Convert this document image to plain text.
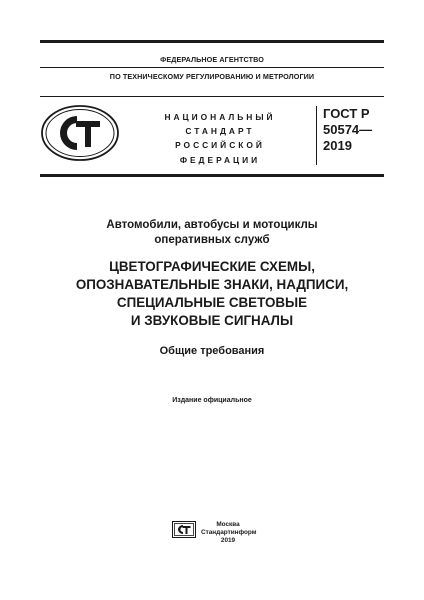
ФЕДЕРАЛЬНОЕ АГЕНТСТВО
ПО ТЕХНИЧЕСКОМУ РЕГУЛИРОВАНИЮ И МЕТРОЛОГИИ
НАЦИОНАЛЬНЫЙ
СТАНДАРТ
РОССИЙСКОЙ
ФЕДЕРАЦИИ
ГОСТ Р
50574—
2019
Автомобили, автобусы и мотоциклы
оперативных служб
ЦВЕТОГРАФИЧЕСКИЕ СХЕМЫ,
ОПОЗНАВАТЕЛЬНЫЕ ЗНАКИ, НАДПИСИ,
СПЕЦИАЛЬНЫЕ СВЕТОВЫЕ
И ЗВУКОВЫЕ СИГНАЛЫ
Общие требования
Издание официальное
Москва
Стандартинформ
2019
